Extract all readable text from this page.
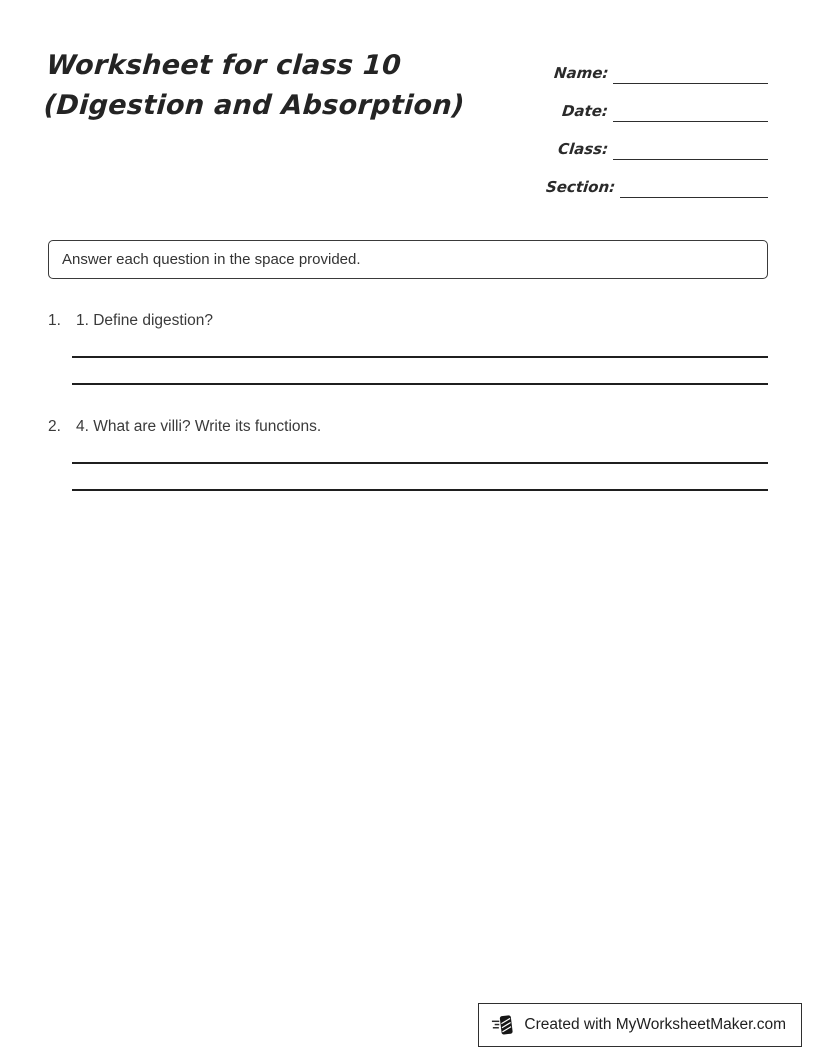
Worksheet for class 10 (Digestion and Absorption)
Name:
Date:
Class:
Section:
Answer each question in the space provided.
1. 1. Define digestion?
2. 4. What are villi? Write its functions.
Created with MyWorksheetMaker.com
